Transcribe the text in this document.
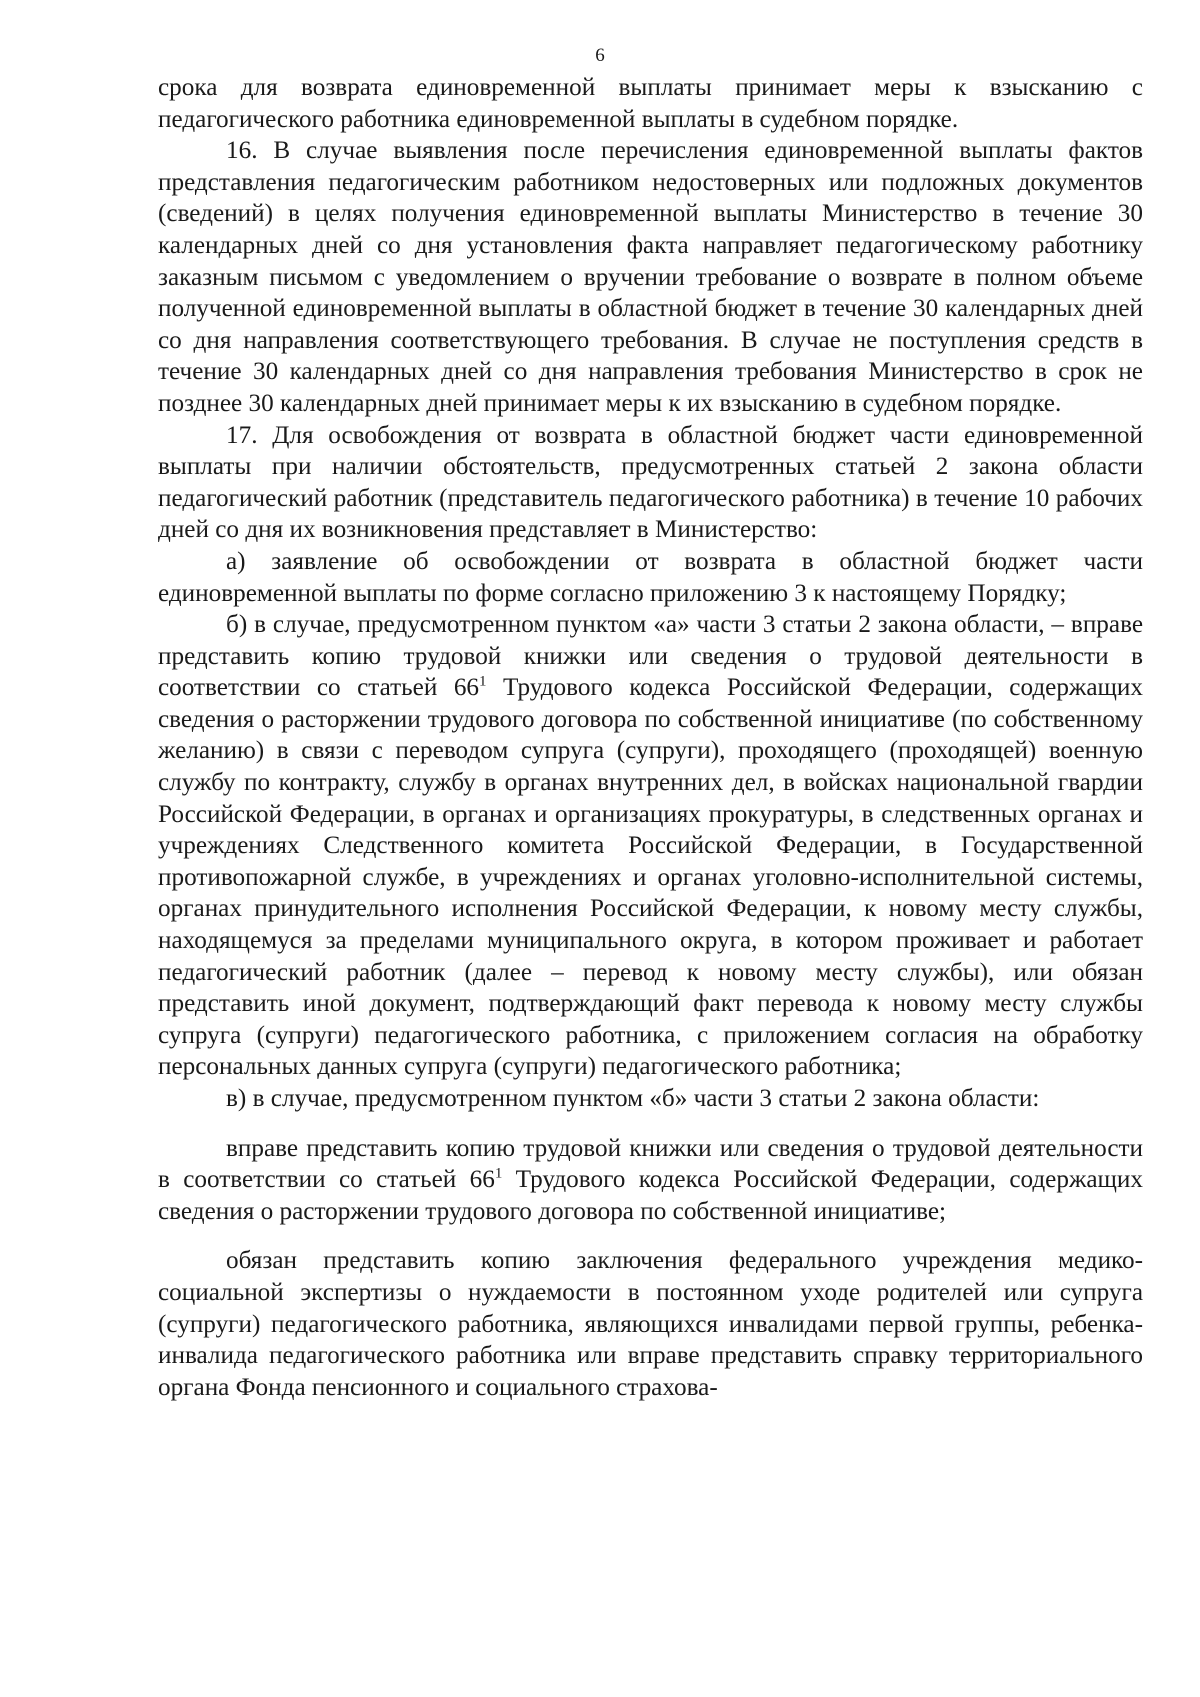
6

срока для возврата единовременной выплаты принимает меры к взысканию с педагогического работника единовременной выплаты в судебном порядке.

16. В случае выявления после перечисления единовременной выплаты фактов представления педагогическим работником недостоверных или подложных документов (сведений) в целях получения единовременной выплаты Министерство в течение 30 календарных дней со дня установления факта направляет педагогическому работнику заказным письмом с уведомлением о вручении требование о возврате в полном объеме полученной единовременной выплаты в областной бюджет в течение 30 календарных дней со дня направления соответствующего требования. В случае не поступления средств в течение 30 календарных дней со дня направления требования Министерство в срок не позднее 30 календарных дней принимает меры к их взысканию в судебном порядке.

17. Для освобождения от возврата в областной бюджет части единовременной выплаты при наличии обстоятельств, предусмотренных статьей 2 закона области педагогический работник (представитель педагогического работника) в течение 10 рабочих дней со дня их возникновения представляет в Министерство:

а) заявление об освобождении от возврата в областной бюджет части единовременной выплаты по форме согласно приложению 3 к настоящему Порядку;

б) в случае, предусмотренном пунктом «а» части 3 статьи 2 закона области, – вправе представить копию трудовой книжки или сведения о трудовой деятельности в соответствии со статьей $66^1$ Трудового кодекса Российской Федерации, содержащих сведения о расторжении трудового договора по собственной инициативе (по собственному желанию) в связи с переводом супруга (супруги), проходящего (проходящей) военную службу по контракту, службу в органах внутренних дел, в войсках национальной гвардии Российской Федерации, в органах и организациях прокуратуры, в следственных органах и учреждениях Следственного комитета Российской Федерации, в Государственной противопожарной службе, в учреждениях и органах уголовно-исполнительной системы, органах принудительного исполнения Российской Федерации, к новому месту службы, находящемуся за пределами муниципального округа, в котором проживает и работает педагогический работник (далее – перевод к новому месту службы), или обязан представить иной документ, подтверждающий факт перевода к новому месту службы супруга (супруги) педагогического работника, с приложением согласия на обработку персональных данных супруга (супруги) педагогического работника;

в) в случае, предусмотренном пунктом «б» части 3 статьи 2 закона области:

вправе представить копию трудовой книжки или сведения о трудовой деятельности в соответствии со статьей $66^1$ Трудового кодекса Российской Федерации, содержащих сведения о расторжении трудового договора по собственной инициативе;

обязан представить копию заключения федерального учреждения медико-социальной экспертизы о нуждаемости в постоянном уходе родителей или супруга (супруги) педагогического работника, являющихся инвалидами первой группы, ребенка-инвалида педагогического работника или вправе представить справку территориального органа Фонда пенсионного и социального страхова-
